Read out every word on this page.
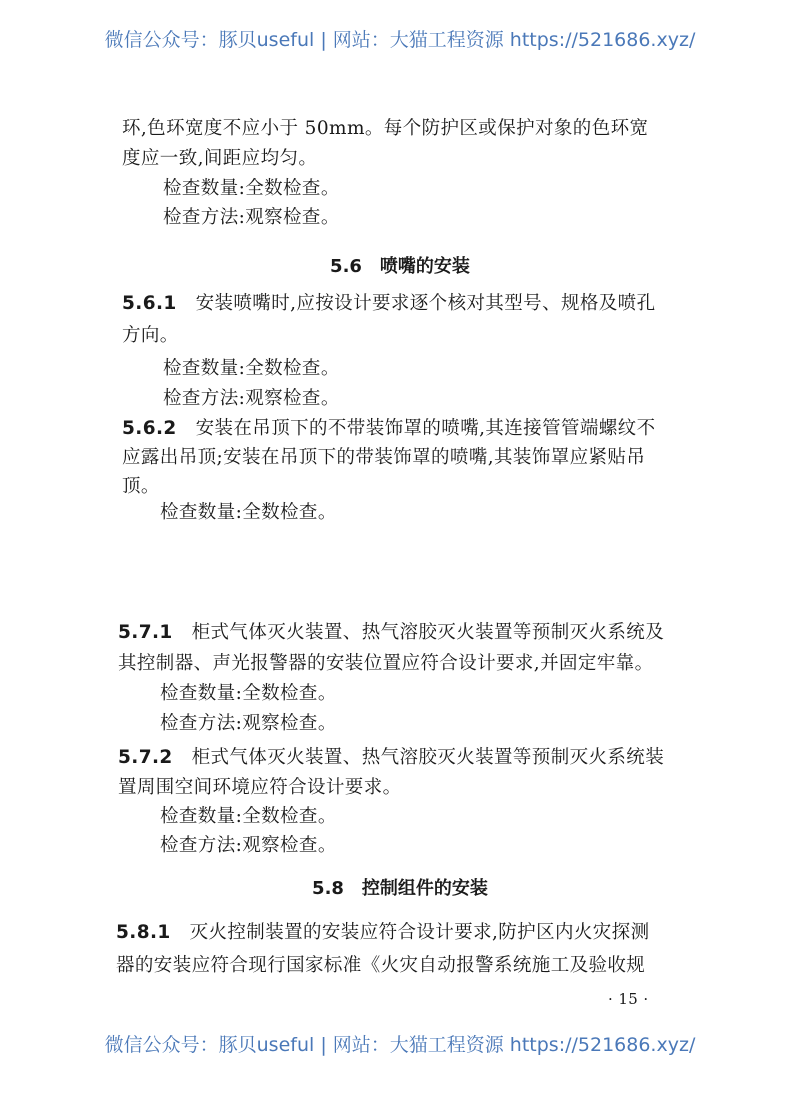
微信公众号：豚贝useful | 网站：大猫工程资源 https://521686.xyz/
环,色环宽度不应小于 50mm。每个防护区或保护对象的色环宽
度应一致,间距应均匀。
检查数量:全数检查。
检查方法:观察检查。
5.6　喷嘴的安装
5.6.1　 安装喷嘴时,应按设计要求逐个核对其型号、规格及喷孔
方向。
检查数量:全数检查。
检查方法:观察检查。
5.6.2　 安装在吊顶下的不带装饰罩的喷嘴,其连接管管端螺纹不
应露出吊顶;安装在吊顶下的带装饰罩的喷嘴,其装饰罩应紧贴吊
顶。
检查数量:全数检查。
5.7.1　 柜式气体灭火装置、热气溶胶灭火装置等预制灭火系统及
其控制器、声光报警器的安装位置应符合设计要求,并固定牢靠。
检查数量:全数检查。
检查方法:观察检查。
5.7.2　 柜式气体灭火装置、热气溶胶灭火装置等预制灭火系统装
置周围空间环境应符合设计要求。
检查数量:全数检查。
检查方法:观察检查。
5.8　控制组件的安装
5.8.1　 灭火控制装置的安装应符合设计要求,防护区内火灾探测
器的安装应符合现行国家标准《火灾自动报警系统施工及验收规
· 15 ·
微信公众号：豚贝useful | 网站：大猫工程资源 https://521686.xyz/
